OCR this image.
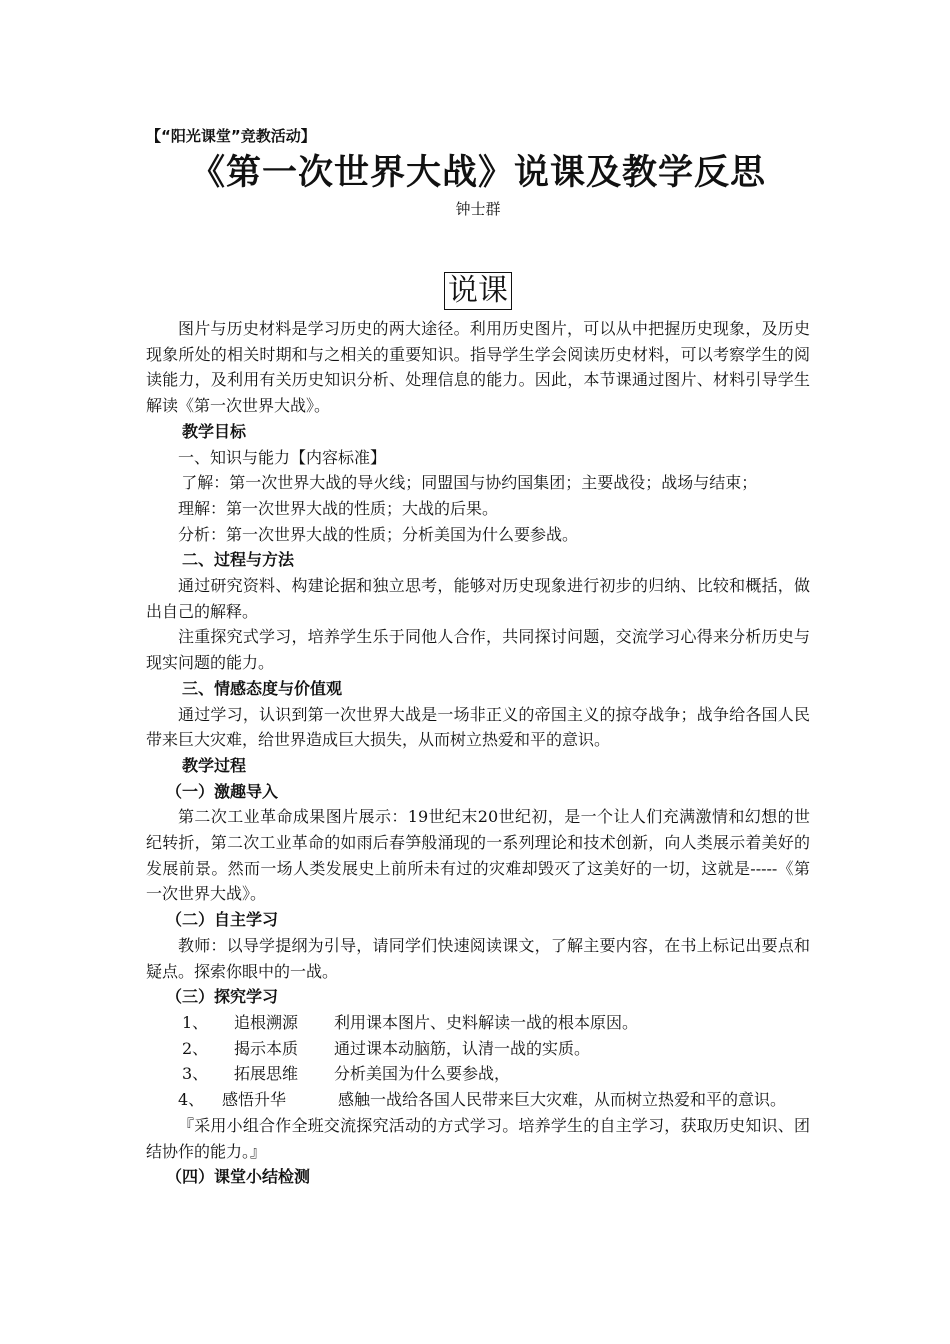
【“阳光课堂”竞教活动】
《第一次世界大战》说课及教学反思
钟士群
说课

图片与历史材料是学习历史的两大途径。利用历史图片，可以从中把握历史现象，及历史现象所处的相关时期和与之相关的重要知识。指导学生学会阅读历史材料，可以考察学生的阅读能力，及利用有关历史知识分析、处理信息的能力。因此，本节课通过图片、材料引导学生解读《第一次世界大战》。

教学目标

一、知识与能力【内容标准】

了解：第一次世界大战的导火线；同盟国与协约国集团；主要战役；战场与结束；

理解：第一次世界大战的性质；大战的后果。

分析：第一次世界大战的性质；分析美国为什么要参战。

二、过程与方法

通过研究资料、构建论据和独立思考，能够对历史现象进行初步的归纳、比较和概括，做出自己的解释。

注重探究式学习，培养学生乐于同他人合作，共同探讨问题，交流学习心得来分析历史与现实问题的能力。

三、情感态度与价值观

通过学习，认识到第一次世界大战是一场非正义的帝国主义的掠夺战争；战争给各国人民带来巨大灾难，给世界造成巨大损失，从而树立热爱和平的意识。

教学过程
（一）激趣导入

第二次工业革命成果图片展示：19世纪末20世纪初，是一个让人们充满激情和幻想的世纪转折，第二次工业革命的如雨后春笋般涌现的一系列理论和技术创新，向人类展示着美好的发展前景。然而一场人类发展史上前所未有过的灾难却毁灭了这美好的一切，这就是-----《第一次世界大战》。

（二）自主学习

教师：以导学提纲为引导，请同学们快速阅读课文，了解主要内容，在书上标记出要点和疑点。探索你眼中的一战。

（三）探究学习
1、 追根溯源 利用课本图片、史料解读一战的根本原因。
2、 揭示本质 通过课本动脑筋，认清一战的实质。
3、 拓展思维 分析美国为什么要参战，

4、 感悟升华	感触一战给各国人民带来巨大灾难，从而树立热爱和平的意识。

『采用小组合作全班交流探究活动的方式学习。培养学生的自主学习，获取历史知识、团结协作的能力。』

（四）课堂小结检测
